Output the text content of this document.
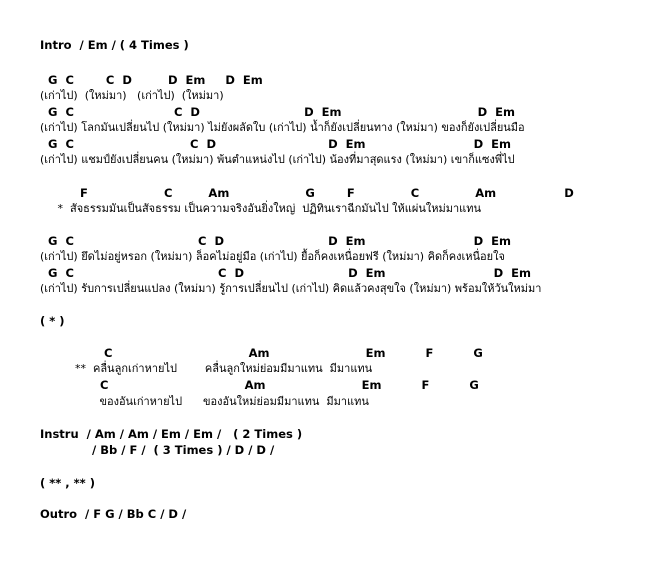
Intro  / Em / ( 4 Times )
G  C        C  D         D  Em     D  Em
(เก่าไป)  (ใหม่มา)   (เก่าไป)  (ใหม่มา)
G  C                         C  D                          D  Em                                  D  Em
(เก่าไป) โลกมันเปลี่ยนไป (ใหม่มา) ไม่ยังผลัดใบ (เก่าไป) น้ำก็ยังเปลี่ยนทาง (ใหม่มา) ของก็ยังเปลี่ยนมือ
G  C                             C  D                            D  Em                           D  Em
(เก่าไป) แชมป์ยังเปลี่ยนคน (ใหม่มา) พ้นตำแหน่งไป (เก่าไป) น้องที่มาสุดแรง (ใหม่มา) เขาก็แซงพี่ไป
F                   C         Am                   G        F              C              Am                 D
*  สัจธรรมมันเป็นสัจธรรม เป็นความจริงอันยิ่งใหญ่  ปฏิทินเราฉีกมันไป ให้แผ่นใหม่มาแทน
G  C                               C  D                          D  Em                           D  Em
(เก่าไป) ยึดไม่อยู่หรอก (ใหม่มา) ล็อคไม่อยู่มือ (เก่าไป) ยื้อก็คงเหนื่อยฟรี (ใหม่มา) คิดก็คงเหนื่อยใจ
G  C                                    C  D                          D  Em                           D  Em
(เก่าไป) รับการเปลี่ยนแปลง (ใหม่มา) รู้การเปลี่ยนไป (เก่าไป) คิดแล้วคงสุขใจ (ใหม่มา) พร้อมให้วันใหม่มา
( * )
C                                  Am                        Em          F          G
**  คลื่นลูกเก่าหายไป        คลื่นลูกใหม่ย่อมมีมาแทน  มีมาแทน
C                                  Am                        Em          F          G
ของอันเก่าหายไป      ของอันใหม่ย่อมมีมาแทน  มีมาแทน
Instru  / Am / Am / Em / Em /   ( 2 Times )
/ Bb / F /  ( 3 Times ) / D / D /
( ** , ** )
Outro  / F G / Bb C / D /
